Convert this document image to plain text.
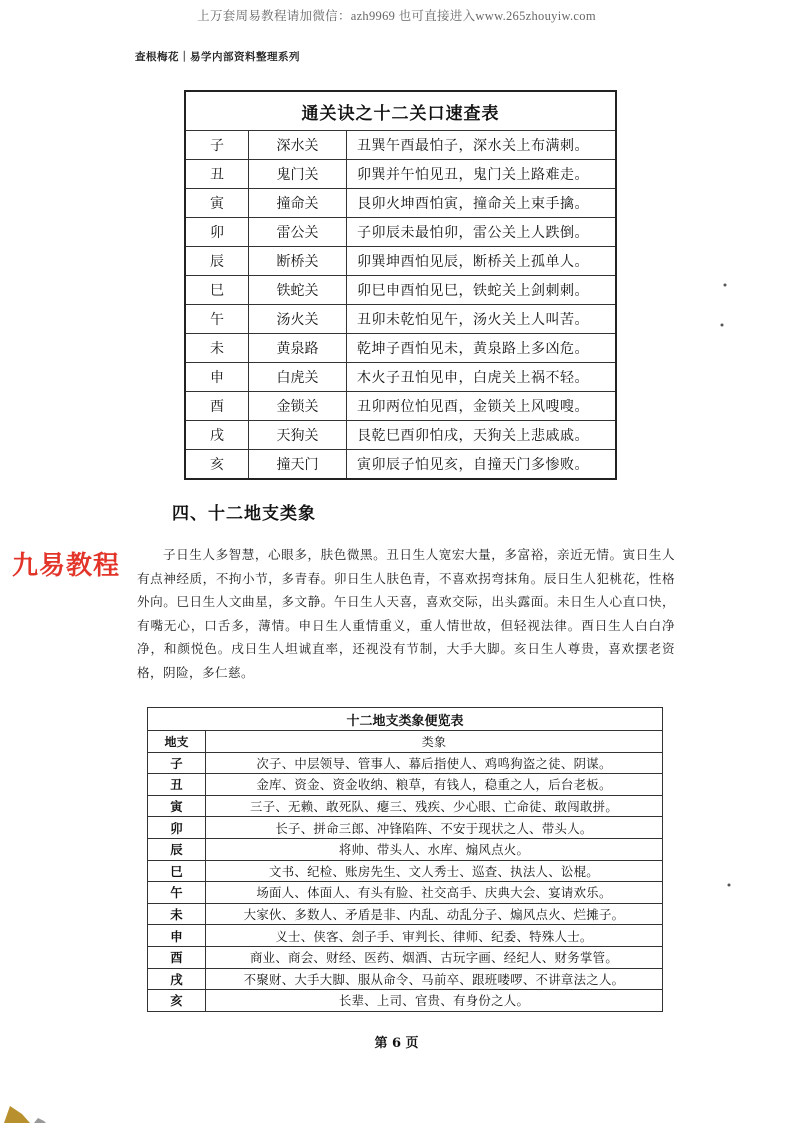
上万套周易教程请加微信：azh9969 也可直接进入www.265zhouyiw.com
查根梅花｜易学内部资料整理系列
通关诀之十二关口速查表		
子	深水关	丑巽午酉最怕子，深水关上布满刺。
丑	鬼门关	卯巽并午怕见丑，鬼门关上路难走。
寅	撞命关	艮卯火坤酉怕寅，撞命关上束手擒。
卯	雷公关	子卯辰未最怕卯，雷公关上人跌倒。
辰	断桥关	卯巽坤酉怕见辰，断桥关上孤单人。
巳	铁蛇关	卯巳申酉怕见巳，铁蛇关上剑刺刺。
午	汤火关	丑卯未乾怕见午，汤火关上人叫苦。
未	黄泉路	乾坤子酉怕见未，黄泉路上多凶危。
申	白虎关	木火子丑怕见申，白虎关上祸不轻。
酉	金锁关	丑卯两位怕见酉，金锁关上风嗖嗖。
戌	天狗关	艮乾巳酉卯怕戌，天狗关上悲戚戚。
亥	撞天门	寅卯辰子怕见亥，自撞天门多惨败。
四、十二地支类象
九易教程	子日生人多智慧，心眼多，肤色微黑。丑日生人宽宏大量，多富裕，亲近无情。寅日生人有点神经质，不拘小节，多青春。卯日生人肤色青，不喜欢拐弯抹角。辰日生人犯桃花，性格外向。巳日生人文曲星，多文静。午日生人天喜，喜欢交际，出头露面。未日生人心直口快，有嘴无心，口舌多，薄情。申日生人重情重义，重人情世故，但轻视法律。酉日生人白白净净，和颜悦色。戌日生人坦诚直率，还视没有节制，大手大脚。亥日生人尊贵，喜欢摆老资格，阴险，多仁慈。
十二地支类象便览表	
地支	类象
子	次子、中层领导、管事人、幕后指使人、鸡鸣狗盗之徒、阴谋。
丑	金库、资金、资金收纳、粮草，有钱人，稳重之人，后台老板。
寅	三子、无赖、敢死队、瘪三、残疾、少心眼、亡命徒、敢闯敢拼。
卯	长子、拼命三郎、冲锋陷阵、不安于现状之人、带头人。
辰	将帅、带头人、水库、煽风点火。
巳	文书、纪检、账房先生、文人秀士、巡查、执法人、讼棍。
午	场面人、体面人、有头有脸、社交高手、庆典大会、宴请欢乐。
未	大家伙、多数人、矛盾是非、内乱、动乱分子、煽风点火、烂摊子。
申	义士、侠客、刽子手、审判长、律师、纪委、特殊人士。
酉	商业、商会、财经、医药、烟酒、古玩字画、经纪人、财务掌管。
戌	不聚财、大手大脚、服从命令、马前卒、跟班喽啰、不讲章法之人。
亥	长辈、上司、官贵、有身份之人。
第 6 页
